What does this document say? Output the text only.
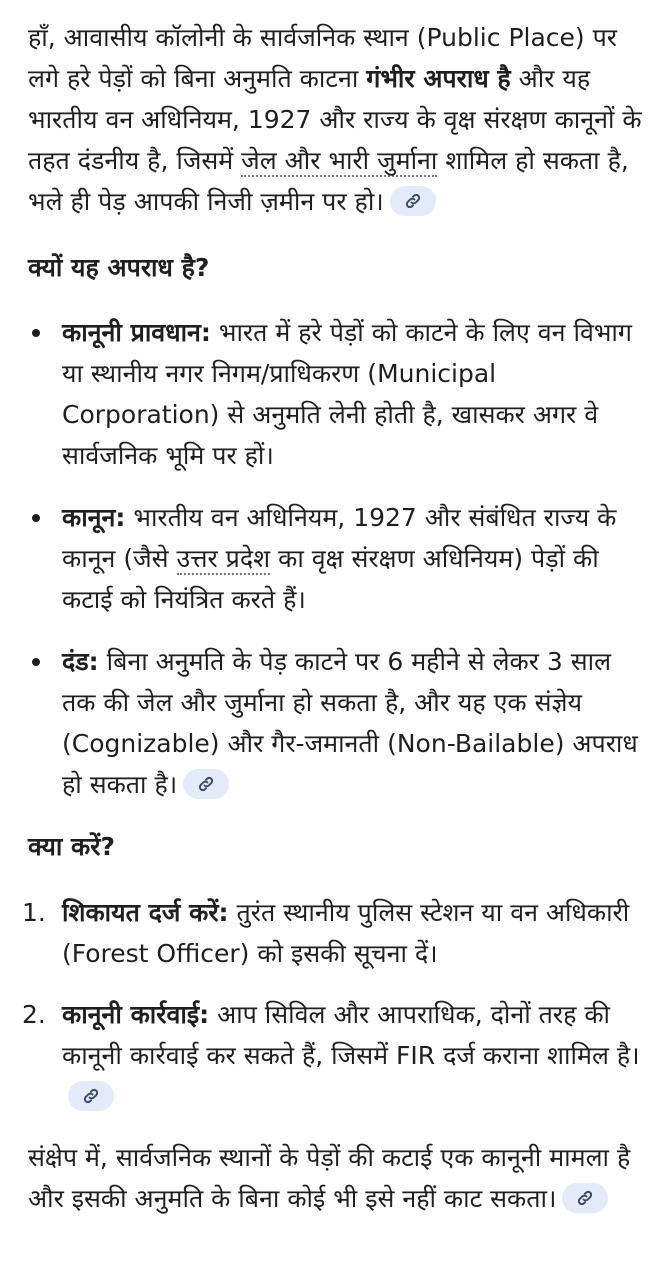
हाँ, आवासीय कॉलोनी के सार्वजनिक स्थान (Public Place) पर लगे हरे पेड़ों को बिना अनुमति काटना गंभीर अपराध है और यह भारतीय वन अधिनियम, 1927 और राज्य के वृक्ष संरक्षण कानूनों के तहत दंडनीय है, जिसमें जेल और भारी जुर्माना शामिल हो सकता है, भले ही पेड़ आपकी निजी ज़मीन पर हो।

क्यों यह अपराध है?
कानूनी प्रावधान: भारत में हरे पेड़ों को काटने के लिए वन विभाग या स्थानीय नगर निगम/प्राधिकरण (Municipal Corporation) से अनुमति लेनी होती है, खासकर अगर वे सार्वजनिक भूमि पर हों।
कानून: भारतीय वन अधिनियम, 1927 और संबंधित राज्य के कानून (जैसे उत्तर प्रदेश का वृक्ष संरक्षण अधिनियम) पेड़ों की कटाई को नियंत्रित करते हैं।
दंड: बिना अनुमति के पेड़ काटने पर 6 महीने से लेकर 3 साल तक की जेल और जुर्माना हो सकता है, और यह एक संज्ञेय (Cognizable) और गैर-जमानती (Non-Bailable) अपराध हो सकता है।
क्या करें?
1. शिकायत दर्ज करें: तुरंत स्थानीय पुलिस स्टेशन या वन अधिकारी (Forest Officer) को इसकी सूचना दें।
2. कानूनी कार्रवाई: आप सिविल और आपराधिक, दोनों तरह की कानूनी कार्रवाई कर सकते हैं, जिसमें FIR दर्ज कराना शामिल है।

संक्षेप में, सार्वजनिक स्थानों के पेड़ों की कटाई एक कानूनी मामला है और इसकी अनुमति के बिना कोई भी इसे नहीं काट सकता।
